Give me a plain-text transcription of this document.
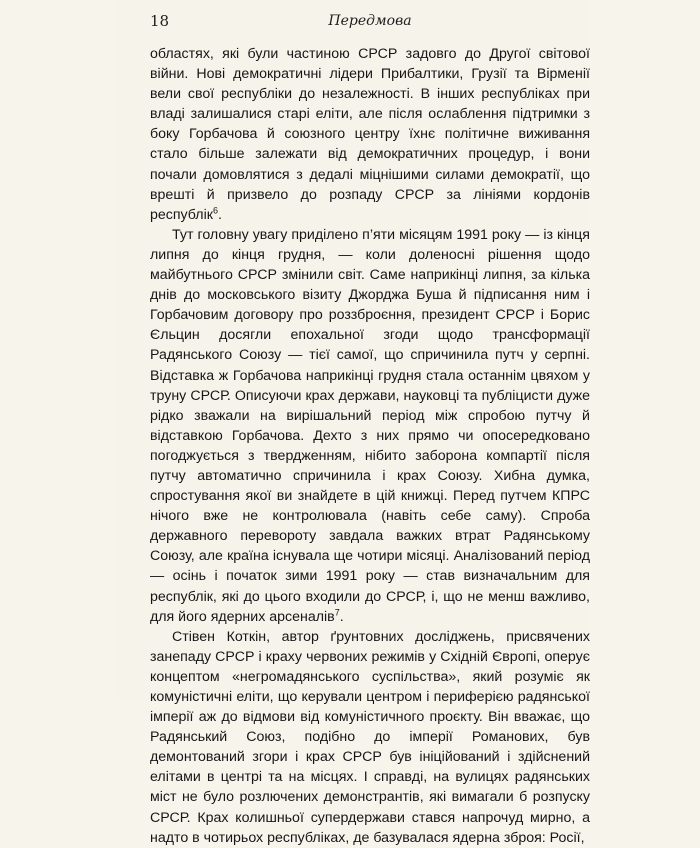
18	Передмова

областях, які були частиною СРСР задовго до Другої світової війни. Нові демократичні лідери Прибалтики, Грузії та Вірменії вели свої республіки до незалежності. В інших республіках при владі залишалися старі еліти, але після ослаблення підтримки з боку Горбачова й союзного центру їхнє політичне виживання стало більше залежати від демократичних процедур, і вони почали домовлятися з дедалі міцнішими силами демократії, що врешті й призвело до розпаду СРСР за лініями кордонів республік$^6$.

Тут головну увагу приділено п’яти місяцям 1991 року — із кінця липня до кінця грудня, — коли доленосні рішення щодо майбутнього СРСР змінили світ. Саме наприкінці липня, за кілька днів до московського візиту Джорджа Буша й підписання ним і Горбачовим договору про роззброєння, президент СРСР і Борис Єльцин досягли епохальної згоди щодо трансформації Радянського Союзу — тієї самої, що спричинила путч у серпні. Відставка ж Горбачова наприкінці грудня стала останнім цвяхом у труну СРСР. Описуючи крах держави, науковці та публіцисти дуже рідко зважали на вирішальний період між спробою путчу й відставкою Горбачова. Дехто з них прямо чи опосередковано погоджується з твердженням, нібито заборона компартії після путчу автоматично спричинила і крах Союзу. Хибна думка, спростування якої ви знайдете в цій книжці. Перед путчем КПРС нічого вже не контролювала (навіть себе саму). Спроба державного перевороту завдала важких втрат Радянському Союзу, але країна існувала ще чотири місяці. Аналізований період — осінь і початок зими 1991 року — став визначальним для республік, які до цього входили до СРСР, і, що не менш важливо, для його ядерних арсеналів$^7$.

Стівен Коткін, автор ґрунтовних досліджень, присвячених занепаду СРСР і краху червоних режимів у Східній Європі, оперує концептом «негромадянського суспільства», який розуміє як комуністичні еліти, що керували центром і периферією радянської імперії аж до відмови від комуністичного проєкту. Він вважає, що Радянський Союз, подібно до імперії Романових, був демонтований згори і крах СРСР був ініційований і здійснений елітами в центрі та на місцях. І справді, на вулицях радянських міст не було розлючених демонстрантів, які вимагали б розпуску СРСР. Крах колишньої супердержави стався напрочуд мирно, а надто в чотирьох республіках, де базувалася ядерна зброя: Росії,
